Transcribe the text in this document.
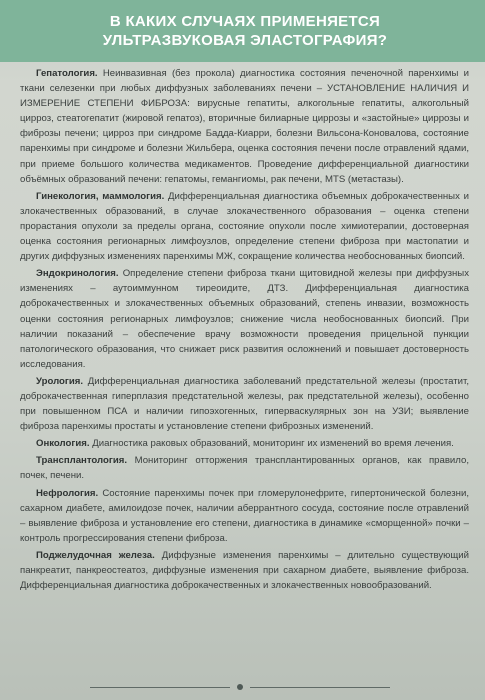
В КАКИХ СЛУЧАЯХ ПРИМЕНЯЕТСЯ
УЛЬТРАЗВУКОВАЯ ЭЛАСТОГРАФИЯ?

Гепатология. Неинвазивная (без прокола) диагностика состояния печеночной паренхимы и ткани селезенки при любых диффузных заболеваниях печени – УСТАНОВЛЕНИЕ НАЛИЧИЯ И ИЗМЕРЕНИЕ СТЕПЕНИ ФИБРОЗА: вирусные гепатиты, алкогольные гепатиты, алкогольный цирроз, стеатогепатит (жировой гепатоз), вторичные билиарные циррозы и «застойные» циррозы и фиброзы печени; цирроз при синдроме Бадда-Киарри, болезни Вильсона-Коновалова, состояние паренхимы при синдроме и болезни Жильбера, оценка состояния печени после отравлений ядами, при приеме большого количества медикаментов. Проведение дифференциальной диагностики объёмных образований печени: гепатомы, гемангиомы, рак печени, MTS (метастазы).

Гинекология, маммология. Дифференциальная диагностика объемных доброкачественных и злокачественных образований, в случае злокачественного образования – оценка степени прорастания опухоли за пределы органа, состояние опухоли после химиотерапии, достоверная оценка состояния регионарных лимфоузлов, определение степени фиброза при мастопатии и других диффузных изменениях паренхимы МЖ, сокращение количества необоснованных биопсий.

Эндокринология. Определение степени фиброза ткани щитовидной железы при диффузных изменениях – аутоиммунном тиреоидите, ДТЗ. Дифференциальная диагностика доброкачественных и злокачественных объемных образований, степень инвазии, возможность оценки состояния регионарных лимфоузлов; снижение числа необоснованных биопсий. При наличии показаний – обеспечение врачу возможности проведения прицельной пункции патологического образования, что снижает риск развития осложнений и повышает достоверность исследования.

Урология. Дифференциальная диагностика заболеваний предстательной железы (простатит, доброкачественная гиперплазия предстательной железы, рак предстательной железы), особенно при повышенном ПСА и наличии гипоэхогенных, гиперваскулярных зон на УЗИ; выявление фиброза паренхимы простаты и установление степени фиброзных изменений.

Онкология. Диагностика раковых образований, мониторинг их изменений во время лечения.

Трансплантология. Мониторинг отторжения трансплантированных органов, как правило, почек, печени.

Нефрология. Состояние паренхимы почек при гломерулонефрите, гипертонической болезни, сахарном диабете, амилоидозе почек, наличии аберрантного сосуда, состояние после отравлений – выявление фиброза и установление его степени, диагностика в динамике «сморщенной» почки – контроль прогрессирования степени фиброза.

Поджелудочная железа. Диффузные изменения паренхимы – длительно существующий панкреатит, панкреостеатоз, диффузные изменения при сахарном диабете, выявление фиброза. Дифференциальная диагностика доброкачественных и злокачественных новообразований.
